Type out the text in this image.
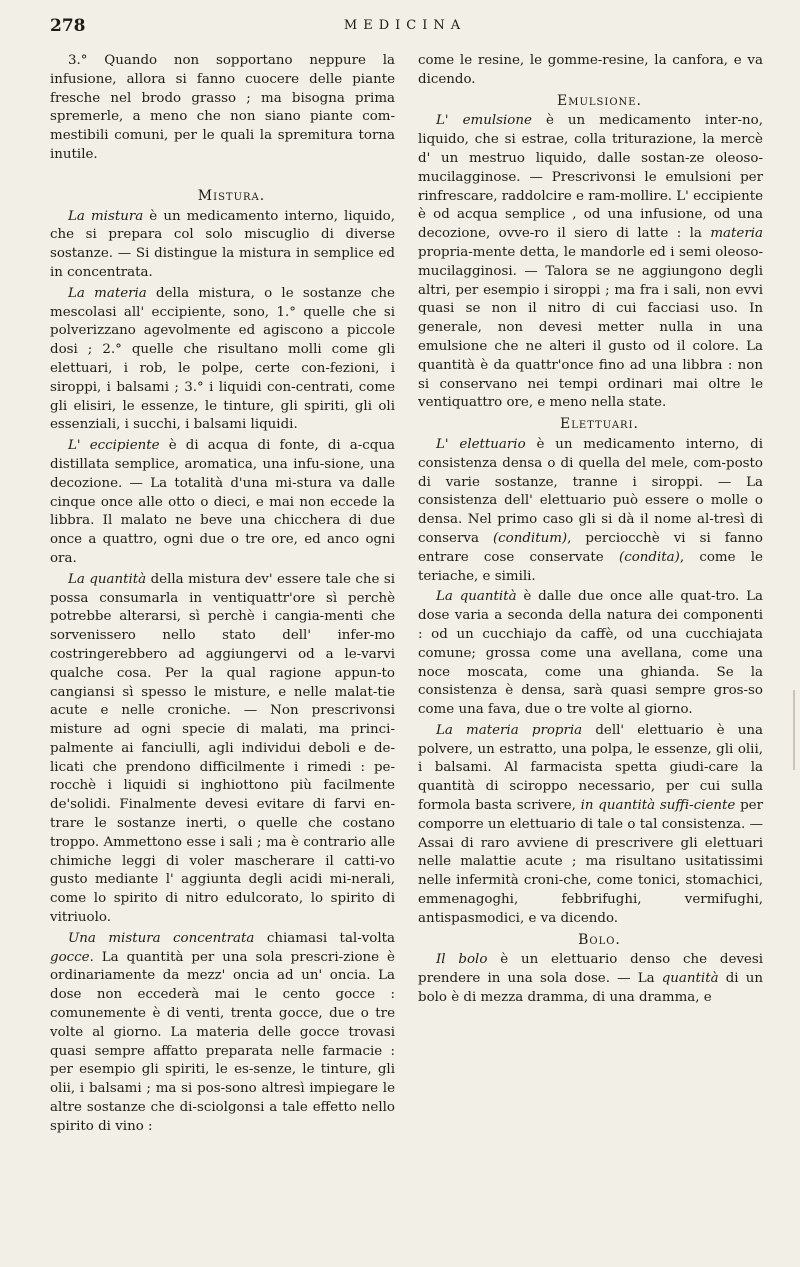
278	MEDICINA

3.° Quando non sopportano neppure la infusione, allora si fanno cuocere delle piante fresche nel brodo grasso ; ma bisogna prima spremerle, a meno che non siano piante com-mestibili comuni, per le quali la spremitura torna inutile.

Mistura.

La mistura è un medicamento interno, liquido, che si prepara col solo miscuglio di diverse sostanze. — Si distingue la mistura in semplice ed in concentrata.

La materia della mistura, o le sostanze che mescolasi all' eccipiente, sono, 1.° quelle che si polverizzano agevolmente ed agiscono a piccole dosi ; 2.° quelle che risultano molli come gli elettuari, i rob, le polpe, certe con-fezioni, i siroppi, i balsami ; 3.° i liquidi con-centrati, come gli elisiri, le essenze, le tinture, gli spiriti, gli oli essenziali, i succhi, i balsami liquidi.

L' eccipiente è di acqua di fonte, di a-cqua distillata semplice, aromatica, una infu-sione, una decozione. — La totalità d'una mi-stura va dalle cinque once alle otto o dieci, e mai non eccede la libbra. Il malato ne beve una chicchera di due once a quattro, ogni due o tre ore, ed anco ogni ora.

La quantità della mistura dev' essere tale che si possa consumarla in ventiquattr'ore sì perchè potrebbe alterarsi, sì perchè i cangia-menti che sorvenissero nello stato dell' infer-mo costringerebbero ad aggiungervi od a le-varvi qualche cosa. Per la qual ragione appun-to cangiansi sì spesso le misture, e nelle malat-tie acute e nelle croniche. — Non prescrivonsi misture ad ogni specie di malati, ma princi-palmente ai fanciulli, agli individui deboli e de-licati che prendono difficilmente i rimedi : pe-rocchè i liquidi si inghiottono più facilmente de'solidi. Finalmente devesi evitare di farvi en-trare le sostanze inerti, o quelle che costano troppo. Ammettono esse i sali ; ma è contrario alle chimiche leggi di voler mascherare il catti-vo gusto mediante l' aggiunta degli acidi mi-nerali, come lo spirito di nitro edulcorato, lo spirito di vitriuolo.

Una mistura concentrata chiamasi tal-volta gocce. La quantità per una sola prescri-zione è ordinariamente da mezz' oncia ad un' oncia. La dose non eccederà mai le cento gocce : comunemente è di venti, trenta gocce, due o tre volte al giorno. La materia delle gocce trovasi quasi sempre affatto preparata nelle farmacie : per esempio gli spiriti, le es-senze, le tinture, gli olii, i balsami ; ma si pos-sono altresì impiegare le altre sostanze che di-sciolgonsi a tale effetto nello spirito di vino :

come le resine, le gomme-resine, la canfora, e va dicendo.

Emulsione.

L' emulsione è un medicamento inter-no, liquido, che si estrae, colla triturazione, la mercè d' un mestruo liquido, dalle sostan-ze oleoso-mucilagginose. — Prescrivonsi le emulsioni per rinfrescare, raddolcire e ram-mollire. L' eccipiente è od acqua semplice , od una infusione, od una decozione, ovve-ro il siero di latte : la materia propria-mente detta, le mandorle ed i semi oleoso-mucilagginosi. — Talora se ne aggiungono degli altri, per esempio i siroppi ; ma fra i sali, non evvi quasi se non il nitro di cui facciasi uso. In generale, non devesi metter nulla in una emulsione che ne alteri il gusto od il colore. La quantità è da quattr'once fino ad una libbra : non si conservano nei tempi ordinari mai oltre le ventiquattro ore, e meno nella state.

Elettuari.

L' elettuario è un medicamento interno, di consistenza densa o di quella del mele, com-posto di varie sostanze, tranne i siroppi. — La consistenza dell' elettuario può essere o molle o densa. Nel primo caso gli si dà il nome al-tresì di conserva (conditum), perciocchè vi si fanno entrare cose conservate (condita), come le teriache, e simili.

La quantità è dalle due once alle quat-tro. La dose varia a seconda della natura dei componenti : od un cucchiajo da caffè, od una cucchiajata comune; grossa come una avellana, come una noce moscata, come una ghianda. Se la consistenza è densa, sarà quasi sempre gros-so come una fava, due o tre volte al giorno.

La materia propria dell' elettuario è una polvere, un estratto, una polpa, le essenze, gli olii, i balsami. Al farmacista spetta giudi-care la quantità di sciroppo necessario, per cui sulla formola basta scrivere, in quantità suffi-ciente per comporre un elettuario di tale o tal consistenza. — Assai di raro avviene di prescrivere gli elettuari nelle malattie acute ; ma risultano usitatissimi nelle infermità croni-che, come tonici, stomachici, emmenagoghi, febbrifughi, vermifughi, antispasmodici, e va dicendo.

Bolo.

Il bolo è un elettuario denso che devesi prendere in una sola dose. — La quantità di un bolo è di mezza dramma, di una dramma, e
